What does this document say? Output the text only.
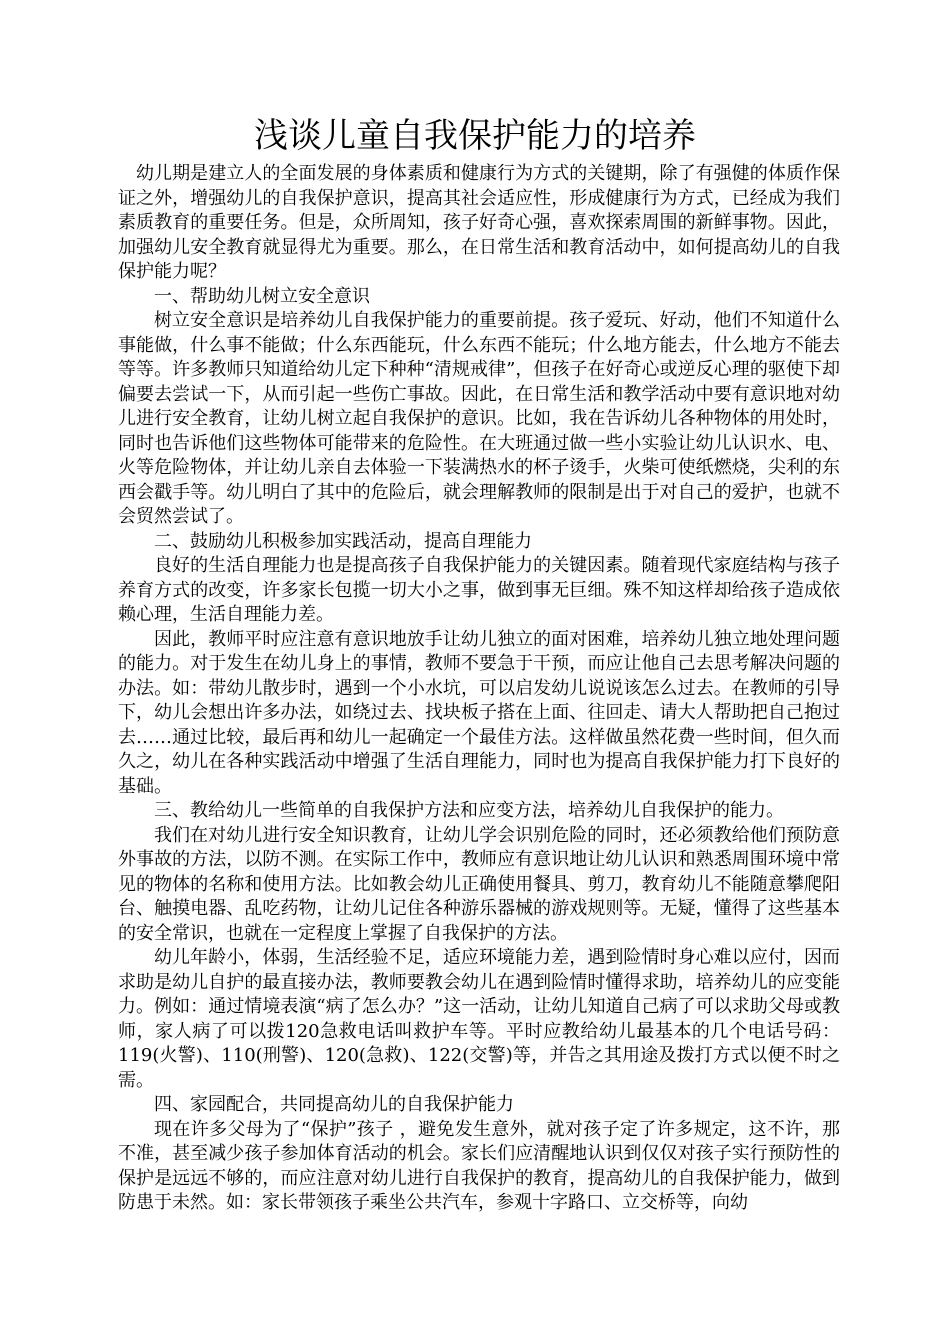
浅谈儿童自我保护能力的培养

幼儿期是建立人的全面发展的身体素质和健康行为方式的关键期，除了有强健的体质作保证之外，增强幼儿的自我保护意识，提高其社会适应性，形成健康行为方式，已经成为我们素质教育的重要任务。但是，众所周知，孩子好奇心强，喜欢探索周围的新鲜事物。因此，加强幼儿安全教育就显得尤为重要。那么，在日常生活和教育活动中，如何提高幼儿的自我保护能力呢？

一、帮助幼儿树立安全意识

树立安全意识是培养幼儿自我保护能力的重要前提。孩子爱玩、好动，他们不知道什么事能做，什么事不能做；什么东西能玩，什么东西不能玩；什么地方能去，什么地方不能去等等。许多教师只知道给幼儿定下种种“清规戒律”，但孩子在好奇心或逆反心理的驱使下却偏要去尝试一下，从而引起一些伤亡事故。因此，在日常生活和教学活动中要有意识地对幼儿进行安全教育，让幼儿树立起自我保护的意识。比如，我在告诉幼儿各种物体的用处时，同时也告诉他们这些物体可能带来的危险性。在大班通过做一些小实验让幼儿认识水、电、火等危险物体，并让幼儿亲自去体验一下装满热水的杯子烫手，火柴可使纸燃烧，尖利的东西会戳手等。幼儿明白了其中的危险后，就会理解教师的限制是出于对自己的爱护，也就不会贸然尝试了。

二、鼓励幼儿积极参加实践活动，提高自理能力

良好的生活自理能力也是提高孩子自我保护能力的关键因素。随着现代家庭结构与孩子养育方式的改变，许多家长包揽一切大小之事，做到事无巨细。殊不知这样却给孩子造成依赖心理，生活自理能力差。

因此，教师平时应注意有意识地放手让幼儿独立的面对困难，培养幼儿独立地处理问题的能力。对于发生在幼儿身上的事情，教师不要急于干预，而应让他自己去思考解决问题的办法。如：带幼儿散步时，遇到一个小水坑，可以启发幼儿说说该怎么过去。在教师的引导下，幼儿会想出许多办法，如绕过去、找块板子搭在上面、往回走、请大人帮助把自己抱过去……通过比较，最后再和幼儿一起确定一个最佳方法。这样做虽然花费一些时间，但久而久之，幼儿在各种实践活动中增强了生活自理能力，同时也为提高自我保护能力打下良好的基础。

三、教给幼儿一些简单的自我保护方法和应变方法，培养幼儿自我保护的能力。

我们在对幼儿进行安全知识教育，让幼儿学会识别危险的同时，还必须教给他们预防意外事故的方法，以防不测。在实际工作中，教师应有意识地让幼儿认识和熟悉周围环境中常见的物体的名称和使用方法。比如教会幼儿正确使用餐具、剪刀，教育幼儿不能随意攀爬阳台、触摸电器、乱吃药物，让幼儿记住各种游乐器械的游戏规则等。无疑，懂得了这些基本的安全常识，也就在一定程度上掌握了自我保护的方法。

幼儿年龄小，体弱，生活经验不足，适应环境能力差，遇到险情时身心难以应付，因而求助是幼儿自护的最直接办法，教师要教会幼儿在遇到险情时懂得求助，培养幼儿的应变能力。例如：通过情境表演“病了怎么办？”这一活动，让幼儿知道自己病了可以求助父母或教师，家人病了可以拨120急救电话叫救护车等。平时应教给幼儿最基本的几个电话号码：119(火警)、110(刑警)、120(急救)、122(交警)等，并告之其用途及拨打方式以便不时之需。

四、家园配合，共同提高幼儿的自我保护能力

现在许多父母为了“保护”孩子 ，避免发生意外，就对孩子定了许多规定，这不许，那不准，甚至减少孩子参加体育活动的机会。家长们应清醒地认识到仅仅对孩子实行预防性的保护是远远不够的，而应注意对幼儿进行自我保护的教育，提高幼儿的自我保护能力，做到防患于未然。如：家长带领孩子乘坐公共汽车，参观十字路口、立交桥等，向幼
